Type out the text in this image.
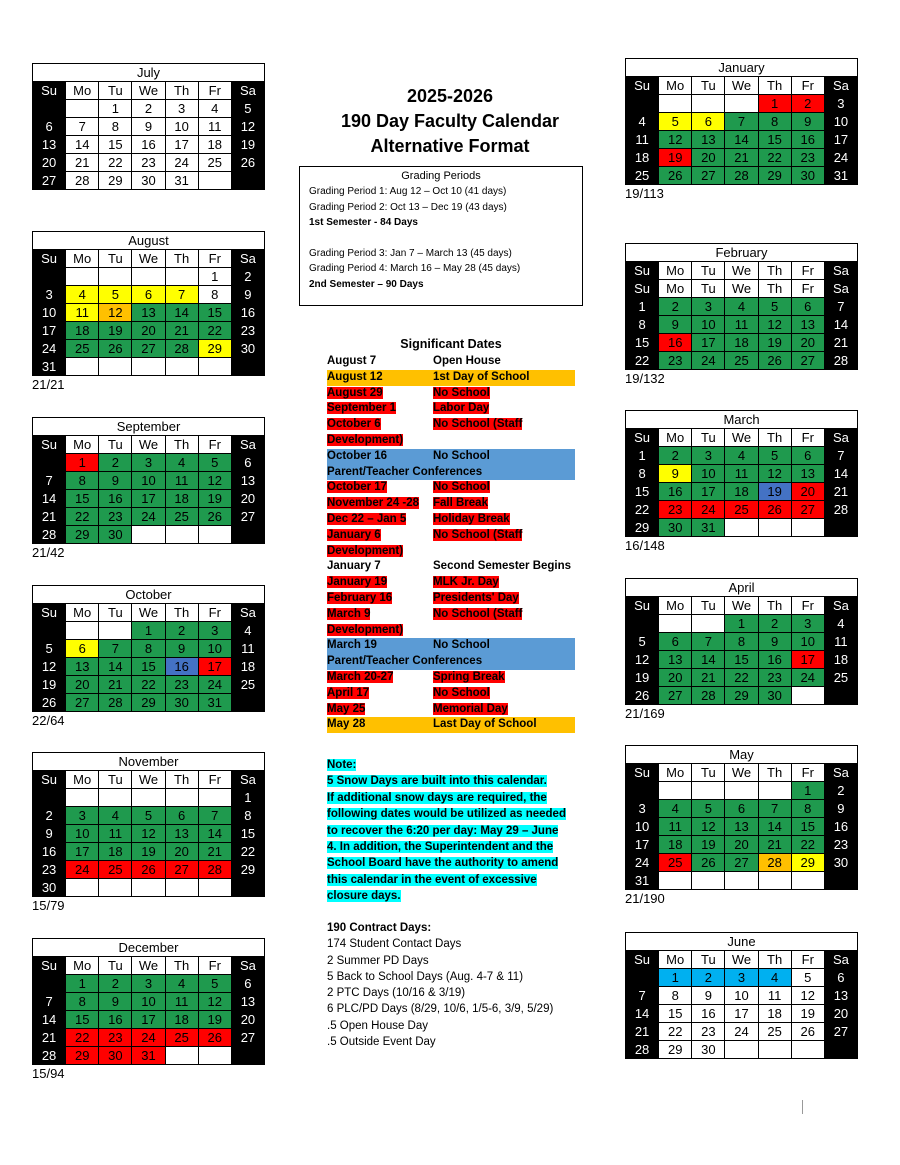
2025-2026
190 Day Faculty Calendar
Alternative Format
Grading Periods
Grading Period 1: Aug 12 – Oct 10 (41 days)
Grading Period 2: Oct 13 – Dec 19 (43 days)
1st Semester - 84 Days
Grading Period 3: Jan 7 – March 13 (45 days)
Grading Period 4: March 16 – May 28 (45 days)
2nd Semester – 90 Days
Significant Dates
August 7	Open House
August 12	1st Day of School
August 29	No School
September 1	Labor Day
October 6	No School (Staff
Development)
October 16	No School
Parent/Teacher Conferences
October 17	No School
November 24 -28	Fall Break
Dec 22 – Jan 5	Holiday Break
January 6	No School (Staff
Development)
January 7	Second Semester Begins
January 19	MLK Jr. Day
February 16	Presidents' Day
March 9	No School (Staff
Development)
March 19	No School
Parent/Teacher Conferences
March 20-27	Spring Break
April 17	No School
May 25	Memorial Day
May 28	Last Day of School
Note:
5 Snow Days are built into this calendar.
If additional snow days are required, the
following dates would be utilized as needed
to recover the 6:20 per day: May 29 – June
4. In addition, the Superintendent and the
School Board have the authority to amend
this calendar in the event of excessive
closure days.
190 Contract Days:
174 Student Contact Days
2 Summer PD Days
5 Back to School Days (Aug. 4-7 & 11)
2 PTC Days (10/16 & 3/19)
6 PLC/PD Days (8/29, 10/6, 1/5-6, 3/9, 5/29)
.5 Open House Day
.5 Outside Event Day
July						
Su	Mo	Tu	We	Th	Fr	Sa
		1	2	3	4	5
6	7	8	9	10	11	12
13	14	15	16	17	18	19
20	21	22	23	24	25	26
27	28	29	30	31		
August						
Su	Mo	Tu	We	Th	Fr	Sa
					1	2
3	4	5	6	7	8	9
10	11	12	13	14	15	16
17	18	19	20	21	22	23
24	25	26	27	28	29	30
31						
21/21
September						
Su	Mo	Tu	We	Th	Fr	Sa
	1	2	3	4	5	6
7	8	9	10	11	12	13
14	15	16	17	18	19	20
21	22	23	24	25	26	27
28	29	30				
21/42
October						
Su	Mo	Tu	We	Th	Fr	Sa
			1	2	3	4
5	6	7	8	9	10	11
12	13	14	15	16	17	18
19	20	21	22	23	24	25
26	27	28	29	30	31	
22/64
November						
Su	Mo	Tu	We	Th	Fr	Sa
						1
2	3	4	5	6	7	8
9	10	11	12	13	14	15
16	17	18	19	20	21	22
23	24	25	26	27	28	29
30						
15/79
December						
Su	Mo	Tu	We	Th	Fr	Sa
	1	2	3	4	5	6
7	8	9	10	11	12	13
14	15	16	17	18	19	20
21	22	23	24	25	26	27
28	29	30	31			
15/94
January						
Su	Mo	Tu	We	Th	Fr	Sa
				1	2	3
4	5	6	7	8	9	10
11	12	13	14	15	16	17
18	19	20	21	22	23	24
25	26	27	28	29	30	31
19/113
February						
Su	Mo	Tu	We	Th	Fr	Sa
Su	Mo	Tu	We	Th	Fr	Sa
1	2	3	4	5	6	7
8	9	10	11	12	13	14
15	16	17	18	19	20	21
22	23	24	25	26	27	28
19/132
March						
Su	Mo	Tu	We	Th	Fr	Sa
1	2	3	4	5	6	7
8	9	10	11	12	13	14
15	16	17	18	19	20	21
22	23	24	25	26	27	28
29	30	31				
16/148
April						
Su	Mo	Tu	We	Th	Fr	Sa
			1	2	3	4
5	6	7	8	9	10	11
12	13	14	15	16	17	18
19	20	21	22	23	24	25
26	27	28	29	30		
21/169
May						
Su	Mo	Tu	We	Th	Fr	Sa
					1	2
3	4	5	6	7	8	9
10	11	12	13	14	15	16
17	18	19	20	21	22	23
24	25	26	27	28	29	30
31						
21/190
June						
Su	Mo	Tu	We	Th	Fr	Sa
	1	2	3	4	5	6
7	8	9	10	11	12	13
14	15	16	17	18	19	20
21	22	23	24	25	26	27
28	29	30				
